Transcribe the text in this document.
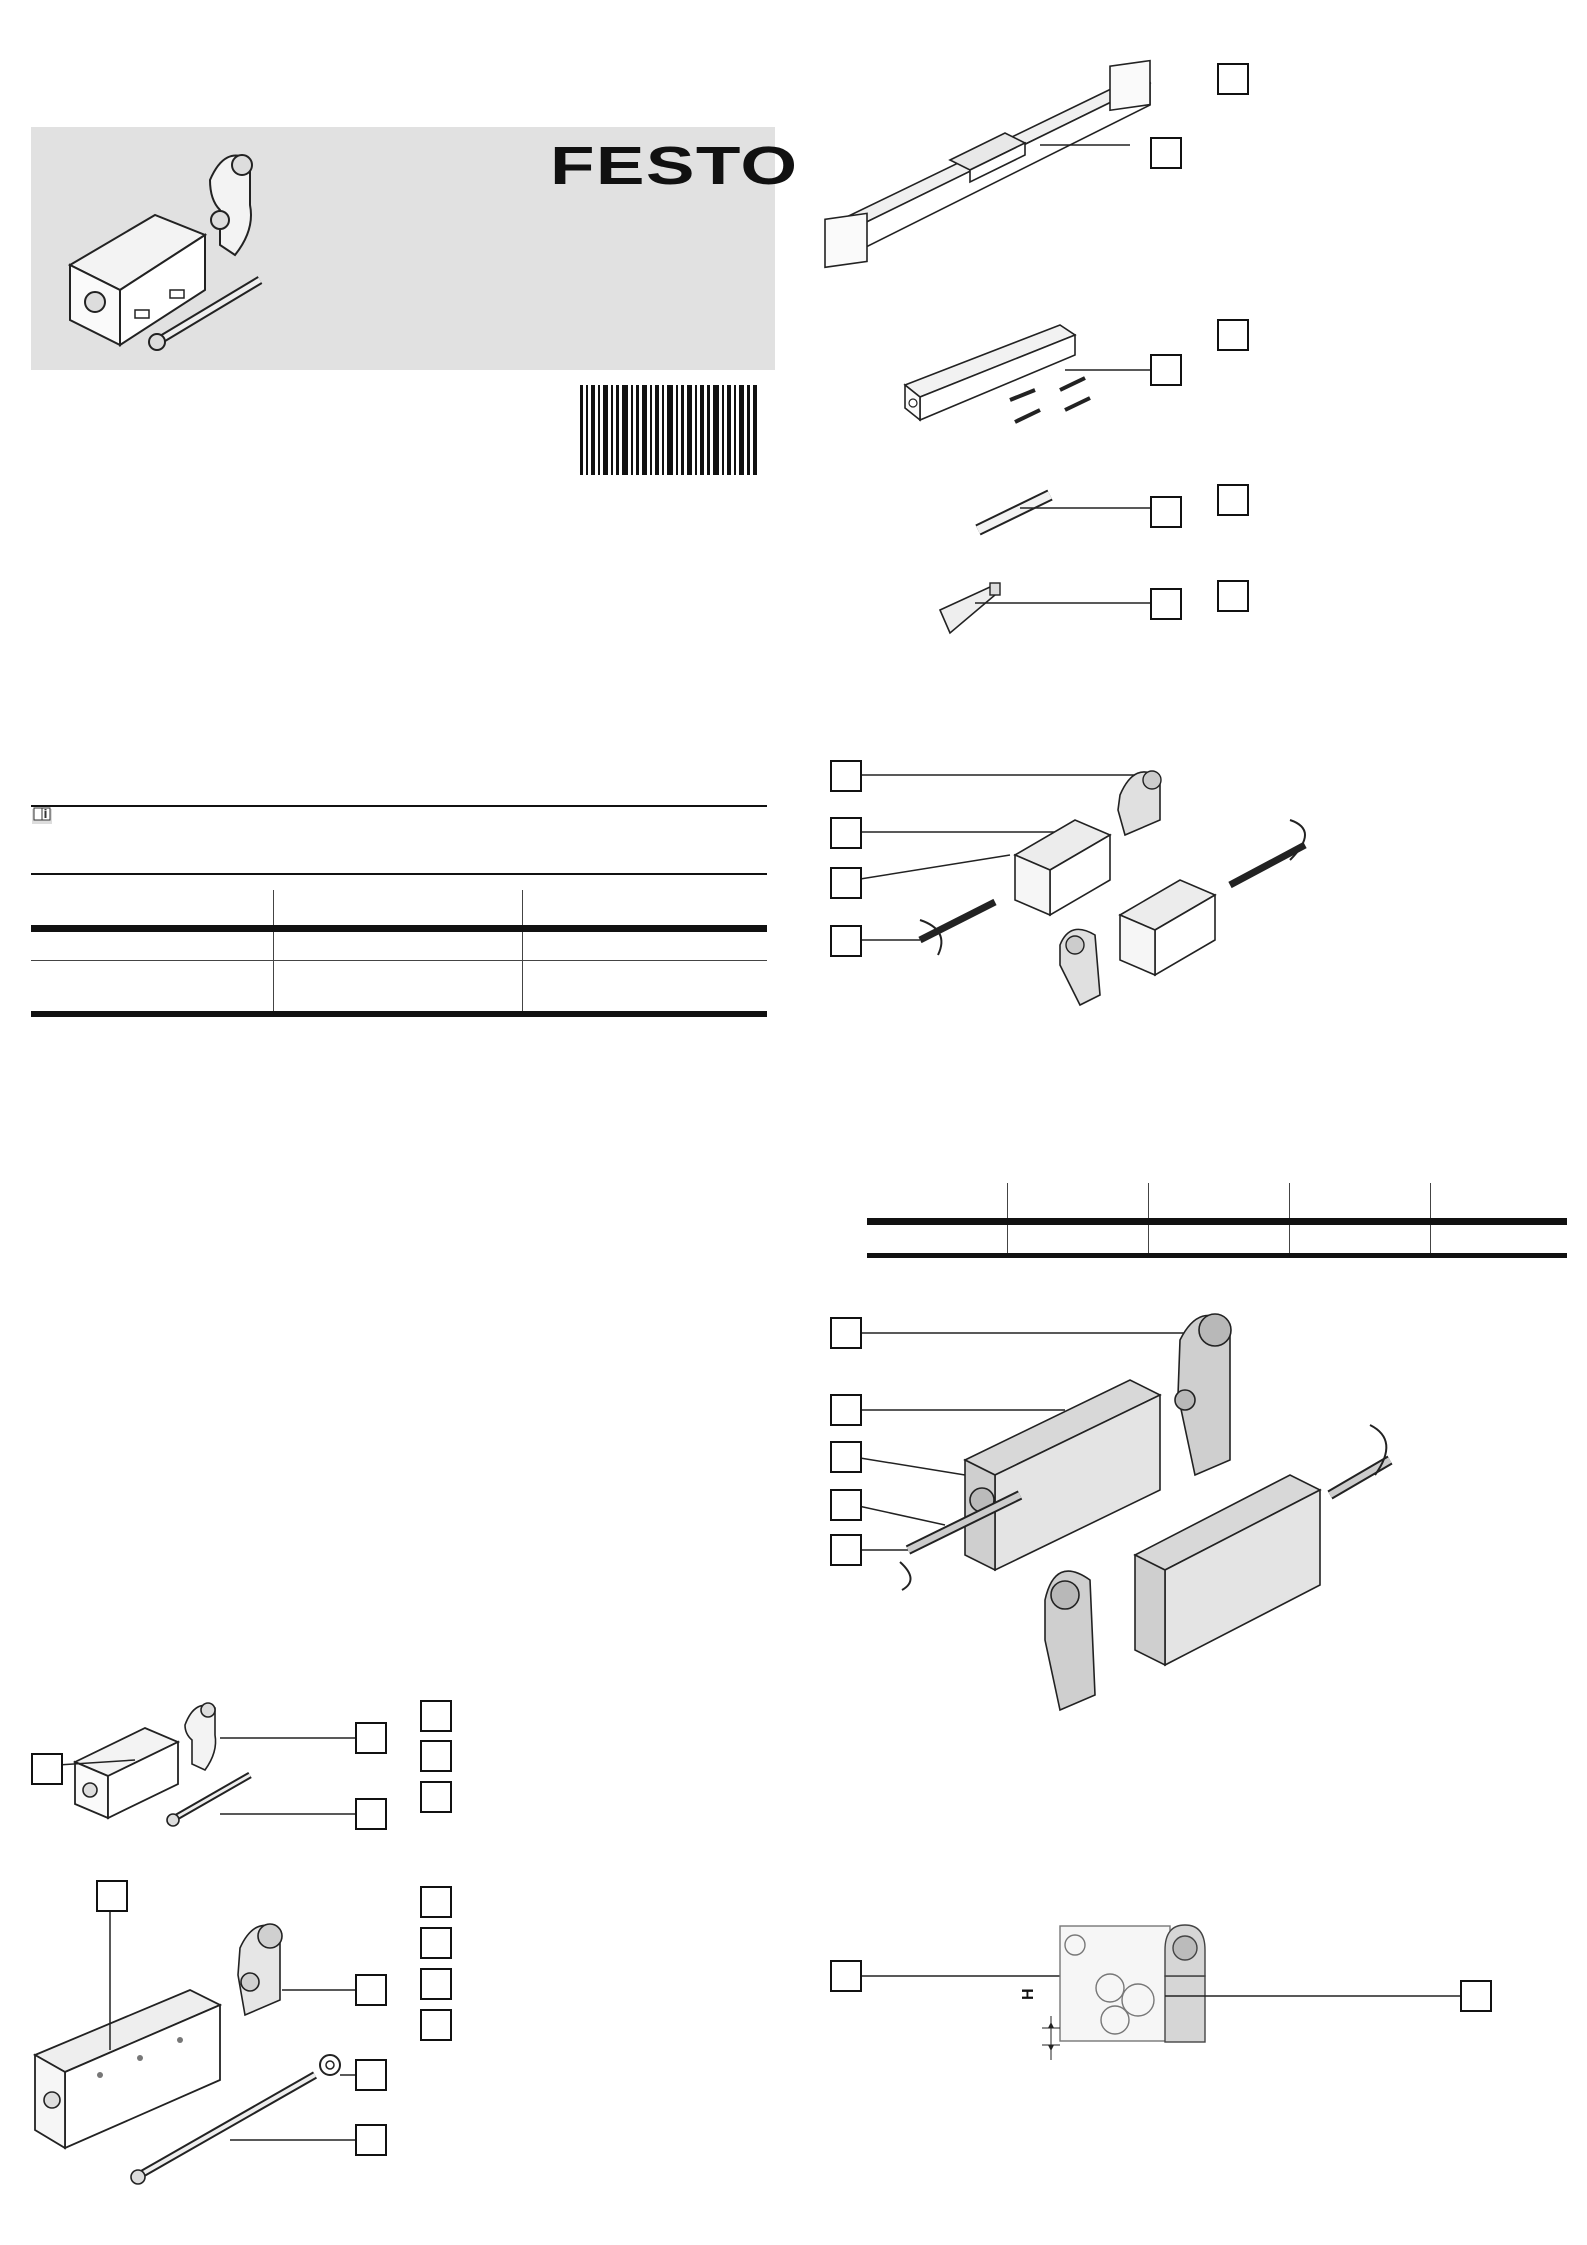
FESTO

H
